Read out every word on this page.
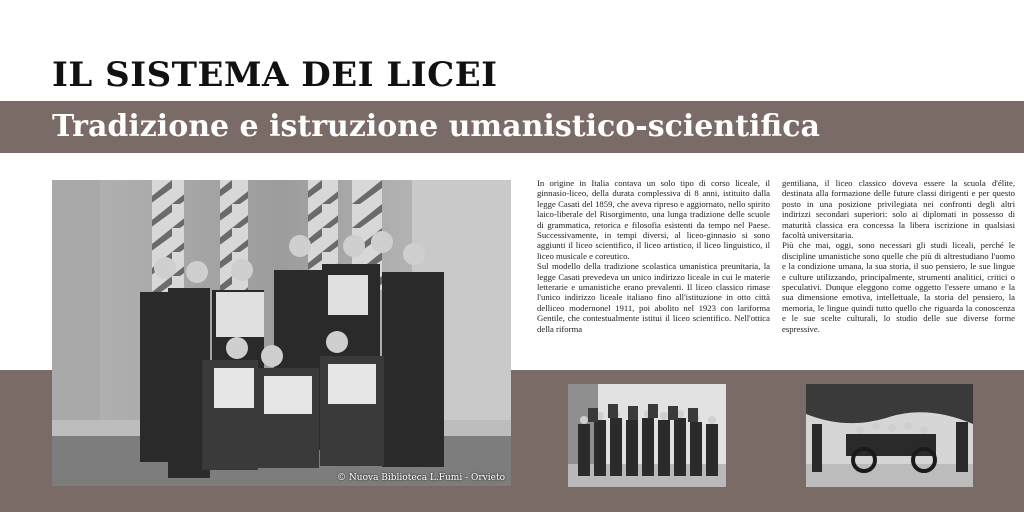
IL SISTEMA DEI LICEI
Tradizione e istruzione umanistico-scientifica
© Nuova Biblioteca L.Fumi - Orvieto

In origine in Italia contava un solo tipo di corso liceale, il ginnasio-liceo, della durata complessiva di 8 anni, istituito dalla legge Casati del 1859, che aveva ripreso e aggiornato, nello spirito laico-liberale del Risorgimento, una lunga tradizione delle scuole di grammatica, retorica e filosofia esistenti da tempo nel Paese. Successivamente, in tempi diversi, al liceo-ginnasio si sono aggiunti il liceo scientifico, il liceo artistico, il liceo linguistico, il liceo musicale e coreutico.

Sul modello della tradizione scolastica umanistica preunitaria, la legge Casati prevedeva un unico indirizzo liceale in cui le materie letterarie e umanistiche erano prevalenti. Il liceo classico rimase l'unico indirizzo liceale italiano fino all'istituzione in otto città delliceo modernonel 1911, poi abolito nel 1923 con lariforma Gentile, che contestualmente istitui il liceo scientifico. Nell'ottica della riforma

gentiliana, il liceo classico doveva essere la scuola d'élite, destinata alla formazione delle future classi dirigenti e per questo posto in una posizione privilegiata nei confronti degli altri indirizzi secondari superiori: solo ai diplomati in possesso di maturità classica era concessa la libera iscrizione in qualsiasi facoltà universitaria.

Più che mai, oggi, sono necessari gli studi liceali, perché le discipline umanistiche sono quelle che più di altrestudiano l'uomo e la condizione umana, la sua storia, il suo pensiero, le sue lingue e culture utilizzando, principalmente, strumenti analitici, critici o speculativi. Dunque eleggono come oggetto l'essere umano e la sua dimensione emotiva, intellettuale, la storia del pensiero, la memoria, le lingue quindi tutto quello che riguarda la conoscenza e le sue scelte culturali, lo studio delle sue diverse forme espressive.
